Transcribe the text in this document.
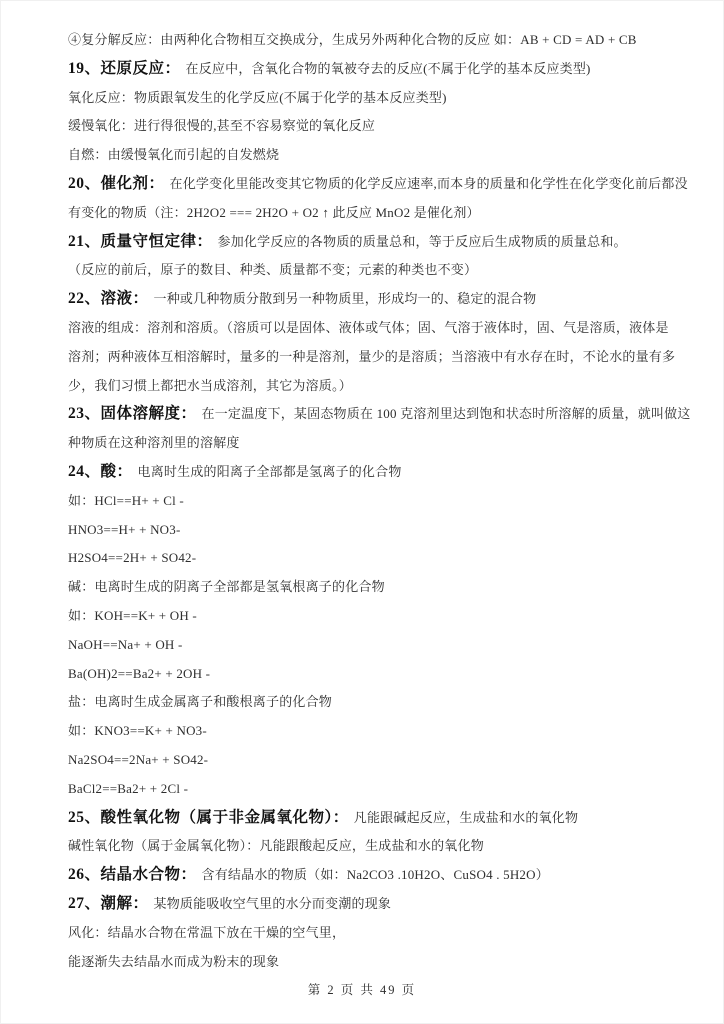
④复分解反应：由两种化合物相互交换成分，生成另外两种化合物的反应 如：AB + CD = AD + CB

19、还原反应： 在反应中，含氧化合物的氧被夺去的反应(不属于化学的基本反应类型)

氧化反应：物质跟氧发生的化学反应(不属于化学的基本反应类型)

缓慢氧化：进行得很慢的,甚至不容易察觉的氧化反应

自燃：由缓慢氧化而引起的自发燃烧

20、催化剂： 在化学变化里能改变其它物质的化学反应速率,而本身的质量和化学性在化学变化前后都没

有变化的物质（注：2H2O2 === 2H2O + O2 ↑ 此反应 MnO2 是催化剂）

21、质量守恒定律： 参加化学反应的各物质的质量总和，等于反应后生成物质的质量总和。

（反应的前后，原子的数目、种类、质量都不变；元素的种类也不变）

22、溶液： 一种或几种物质分散到另一种物质里，形成均一的、稳定的混合物

溶液的组成：溶剂和溶质。（溶质可以是固体、液体或气体；固、气溶于液体时，固、气是溶质，液体是

溶剂；两种液体互相溶解时，量多的一种是溶剂，量少的是溶质；当溶液中有水存在时，不论水的量有多

少，我们习惯上都把水当成溶剂，其它为溶质。）

23、固体溶解度： 在一定温度下，某固态物质在 100 克溶剂里达到饱和状态时所溶解的质量，就叫做这

种物质在这种溶剂里的溶解度

24、酸： 电离时生成的阳离子全部都是氢离子的化合物

如：HCl==H+ + Cl -

HNO3==H+ + NO3-

H2SO4==2H+ + SO42-

碱：电离时生成的阴离子全部都是氢氧根离子的化合物

如：KOH==K+ + OH -

NaOH==Na+ + OH -

Ba(OH)2==Ba2+ + 2OH -

盐：电离时生成金属离子和酸根离子的化合物

如：KNO3==K+ + NO3-

Na2SO4==2Na+ + SO42-

BaCl2==Ba2+ + 2Cl -

25、酸性氧化物（属于非金属氧化物）： 凡能跟碱起反应，生成盐和水的氧化物

碱性氧化物（属于金属氧化物）：凡能跟酸起反应，生成盐和水的氧化物

26、结晶水合物： 含有结晶水的物质（如：Na2CO3 .10H2O、CuSO4 . 5H2O）

27、潮解： 某物质能吸收空气里的水分而变潮的现象

风化：结晶水合物在常温下放在干燥的空气里，

能逐渐失去结晶水而成为粉末的现象

第 2 页 共 49 页
